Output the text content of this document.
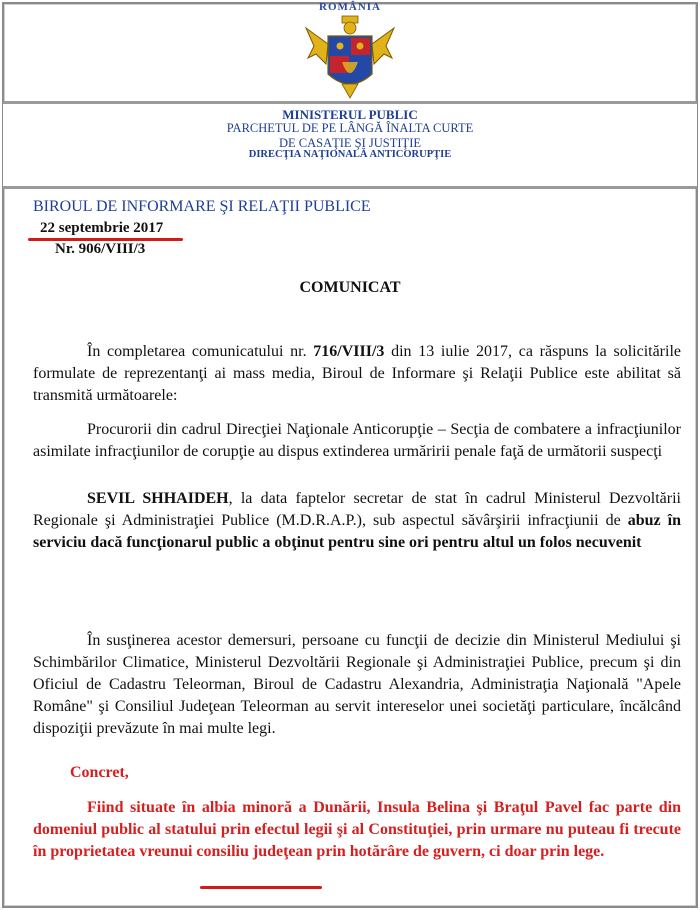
ROMÂNIA
MINISTERUL PUBLIC
PARCHETUL DE PE LÂNGĂ ÎNALTA CURTE
DE CASAŢIE ŞI JUSTIŢIE
DIRECŢIA NAŢIONALĂ ANTICORUPŢIE
BIROUL DE INFORMARE ŞI RELAŢII PUBLICE
22 septembrie 2017
Nr. 906/VIII/3
COMUNICAT
În completarea comunicatului nr. 716/VIII/3 din 13 iulie 2017, ca răspuns la solicitările formulate de reprezentanţi ai mass media, Biroul de Informare şi Relaţii Publice este abilitat să transmită următoarele:
Procurorii din cadrul Direcţiei Naţionale Anticorupţie – Secţia de combatere a infracţiunilor asimilate infracţiunilor de corupţie au dispus extinderea urmăririi penale faţă de următorii suspecţi
SEVIL SHHAIDEH, la data faptelor secretar de stat în cadrul Ministerul Dezvoltării Regionale şi Administraţiei Publice (M.D.R.A.P.), sub aspectul săvârşirii infracţiunii de abuz în serviciu dacă funcţionarul public a obţinut pentru sine ori pentru altul un folos necuvenit
În susţinerea acestor demersuri, persoane cu funcţii de decizie din Ministerul Mediului şi Schimbărilor Climatice, Ministerul Dezvoltării Regionale şi Administraţiei Publice, precum şi din Oficiul de Cadastru Teleorman, Biroul de Cadastru Alexandria, Administraţia Naţională "Apele Române" şi Consiliul Judeţean Teleorman au servit intereselor unei societăţi particulare, încălcând dispoziţii prevăzute în mai multe legi.
Concret,
Fiind situate în albia minoră a Dunării, Insula Belina şi Braţul Pavel fac parte din domeniul public al statului prin efectul legii şi al Constituţiei, prin urmare nu puteau fi trecute în proprietatea vreunui consiliu judeţean prin hotărâre de guvern, ci doar prin lege.
